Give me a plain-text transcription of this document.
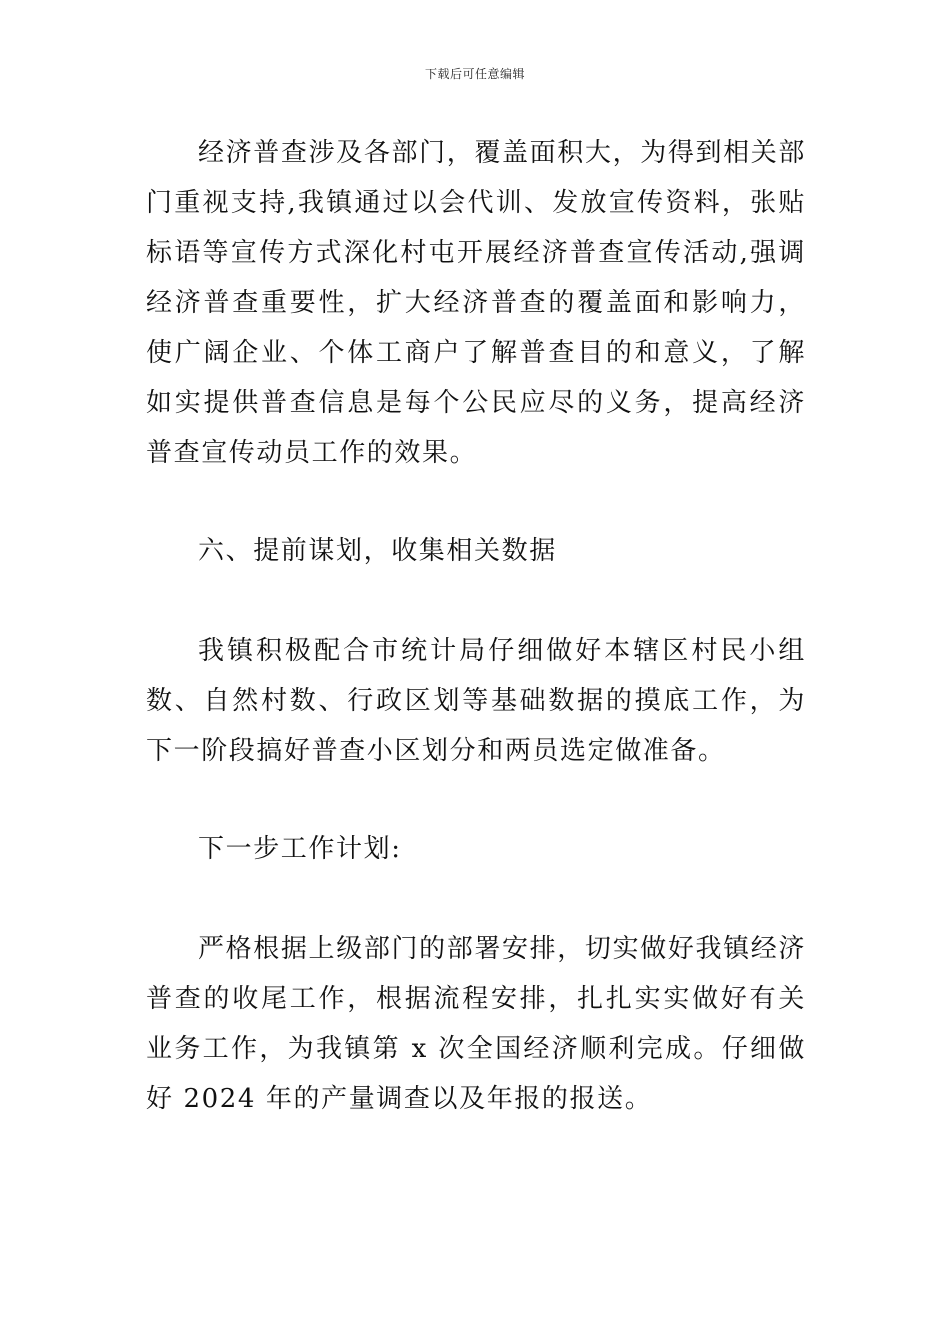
下载后可任意编辑

经济普查涉及各部门，覆盖面积大，为得到相关部门重视支持,我镇通过以会代训、发放宣传资料，张贴标语等宣传方式深化村屯开展经济普查宣传活动,强调经济普查重要性，扩大经济普查的覆盖面和影响力，使广阔企业、个体工商户了解普查目的和意义，了解如实提供普查信息是每个公民应尽的义务，提高经济普查宣传动员工作的效果。

六、提前谋划，收集相关数据

我镇积极配合市统计局仔细做好本辖区村民小组数、自然村数、行政区划等基础数据的摸底工作，为下一阶段搞好普查小区划分和两员选定做准备。

下一步工作计划:

严格根据上级部门的部署安排，切实做好我镇经济普查的收尾工作，根据流程安排，扎扎实实做好有关业务工作，为我镇第 x 次全国经济顺利完成。仔细做好 2024 年的产量调查以及年报的报送。
